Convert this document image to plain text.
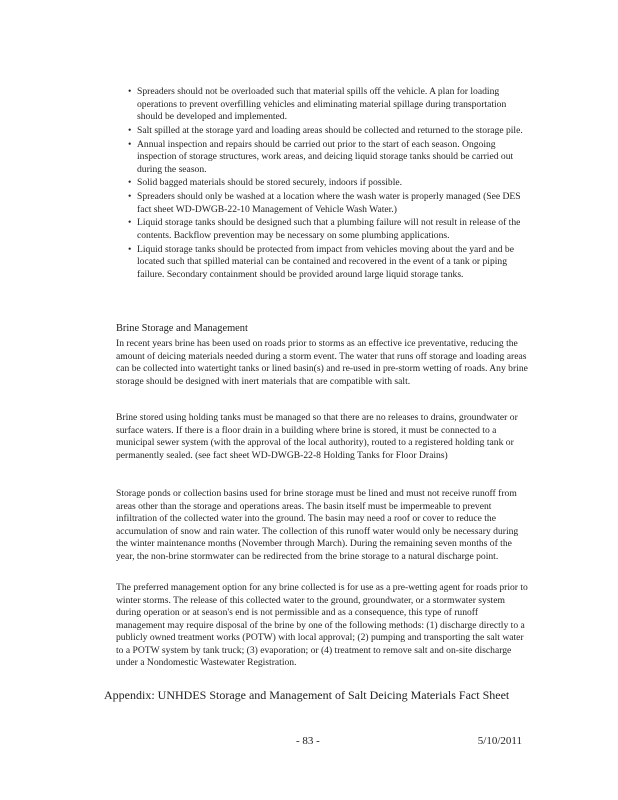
• Spreaders should not be overloaded such that material spills off the vehicle. A plan for loading operations to prevent overfilling vehicles and eliminating material spillage during transportation should be developed and implemented.
• Salt spilled at the storage yard and loading areas should be collected and returned to the storage pile.
• Annual inspection and repairs should be carried out prior to the start of each season. Ongoing inspection of storage structures, work areas, and deicing liquid storage tanks should be carried out during the season.
• Solid bagged materials should be stored securely, indoors if possible.
• Spreaders should only be washed at a location where the wash water is properly managed (See DES fact sheet WD-DWGB-22-10 Management of Vehicle Wash Water.)
• Liquid storage tanks should be designed such that a plumbing failure will not result in release of the contents. Backflow prevention may be necessary on some plumbing applications.
• Liquid storage tanks should be protected from impact from vehicles moving about the yard and be located such that spilled material can be contained and recovered in the event of a tank or piping failure. Secondary containment should be provided around large liquid storage tanks.
Brine Storage and Management

In recent years brine has been used on roads prior to storms as an effective ice preventative, reducing the amount of deicing materials needed during a storm event. The water that runs off storage and loading areas can be collected into watertight tanks or lined basin(s) and re-used in pre-storm wetting of roads. Any brine storage should be designed with inert materials that are compatible with salt.

Brine stored using holding tanks must be managed so that there are no releases to drains, groundwater or surface waters. If there is a floor drain in a building where brine is stored, it must be connected to a municipal sewer system (with the approval of the local authority), routed to a registered holding tank or permanently sealed. (see fact sheet WD-DWGB-22-8 Holding Tanks for Floor Drains)

Storage ponds or collection basins used for brine storage must be lined and must not receive runoff from areas other than the storage and operations areas. The basin itself must be impermeable to prevent infiltration of the collected water into the ground. The basin may need a roof or cover to reduce the accumulation of snow and rain water. The collection of this runoff water would only be necessary during the winter maintenance months (November through March). During the remaining seven months of the year, the non-brine stormwater can be redirected from the brine storage to a natural discharge point.

The preferred management option for any brine collected is for use as a pre-wetting agent for roads prior to winter storms. The release of this collected water to the ground, groundwater, or a stormwater system during operation or at season's end is not permissible and as a consequence, this type of runoff management may require disposal of the brine by one of the following methods: (1) discharge directly to a publicly owned treatment works (POTW) with local approval; (2) pumping and transporting the salt water to a POTW system by tank truck; (3) evaporation; or (4) treatment to remove salt and on-site discharge under a Nondomestic Wastewater Registration.

Appendix: UNHDES Storage and Management of Salt Deicing Materials Fact Sheet
- 83 -	5/10/2011
